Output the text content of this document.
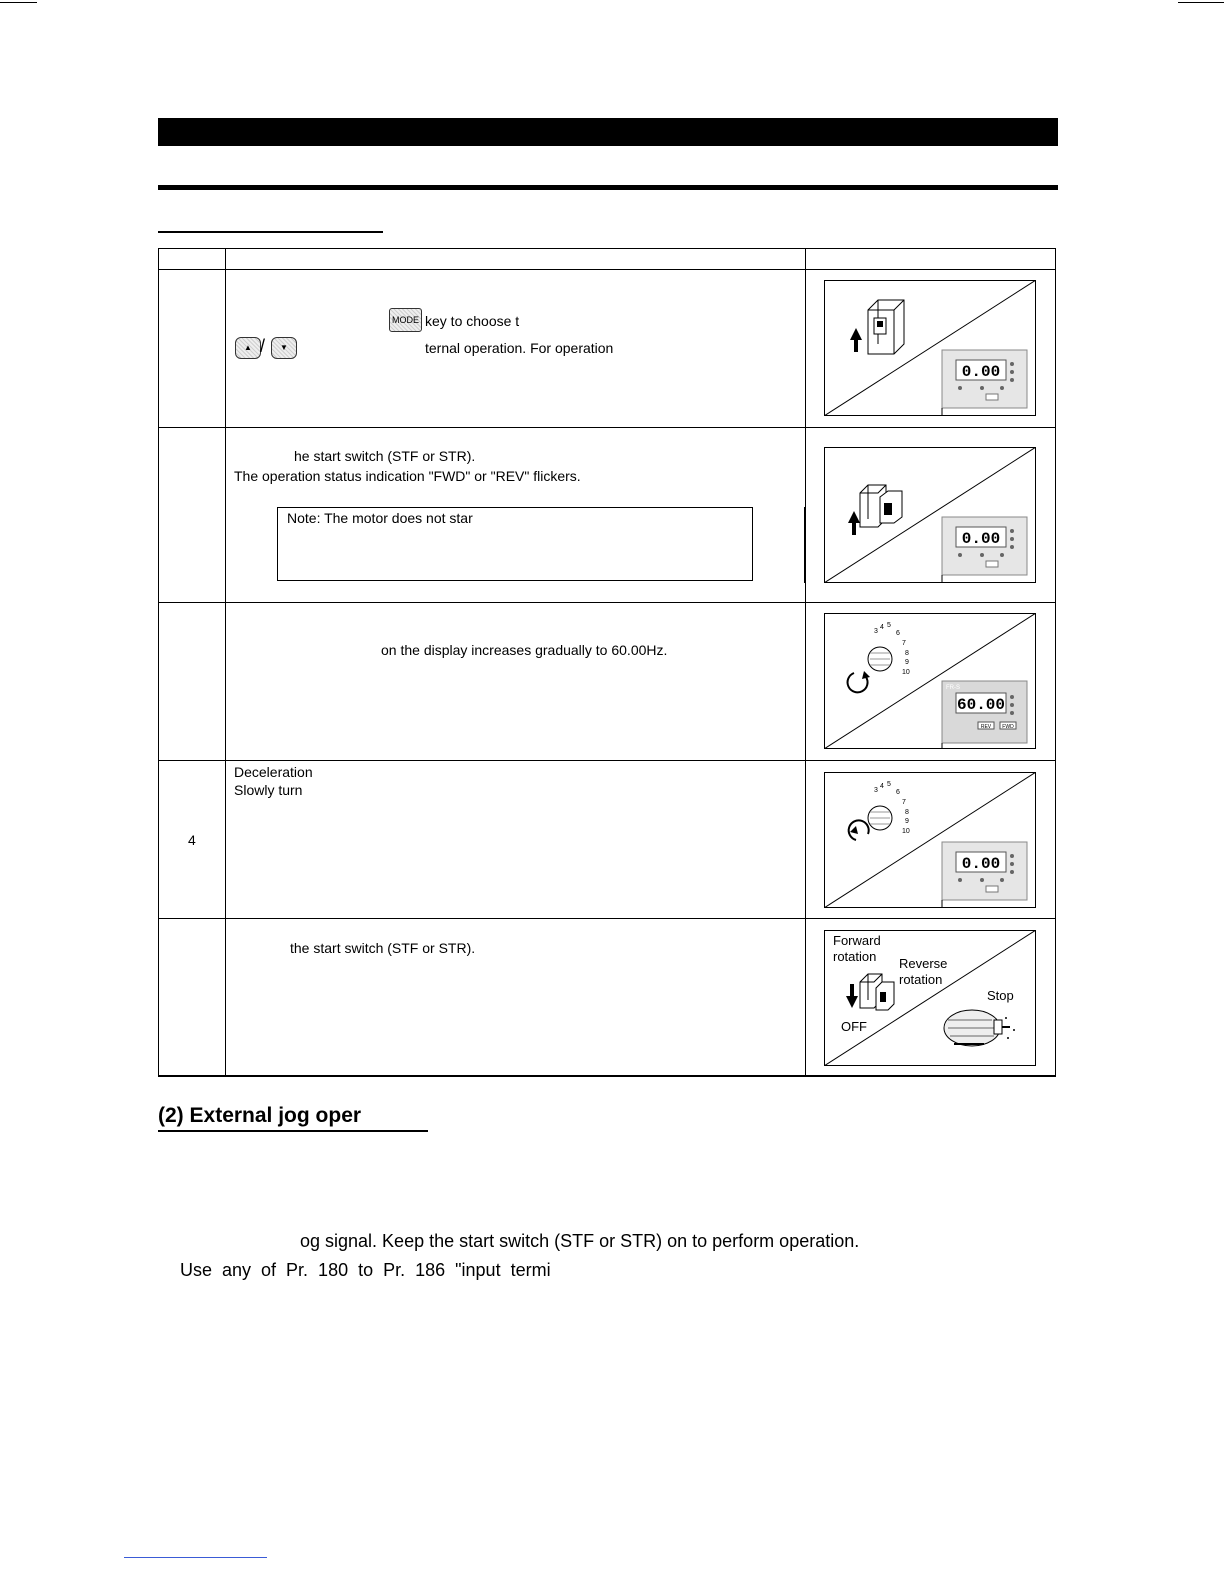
MODE key to choose t
▲ /	▼	ternal operation. For operation
he start switch (STF or STR).
The operation status indication "FWD" or "REV" flickers.
Note: The motor does not star
on the display increases gradually to 60.00Hz.
Deceleration
Slowly turn
4
the start switch (STF or STR).
0.00
0.00
3
4 5
6
7
8
9
10
FR-S
60.00
REV FWD
3
4 5
6
7
8
9
10
0.00
Forward
rotation Reverse
rotation
Stop
OFF
(2) External jog oper
og signal. Keep the start switch (STF or STR) on to perform operation.
Use  any  of  Pr.  180  to  Pr.  186  "input  termi
